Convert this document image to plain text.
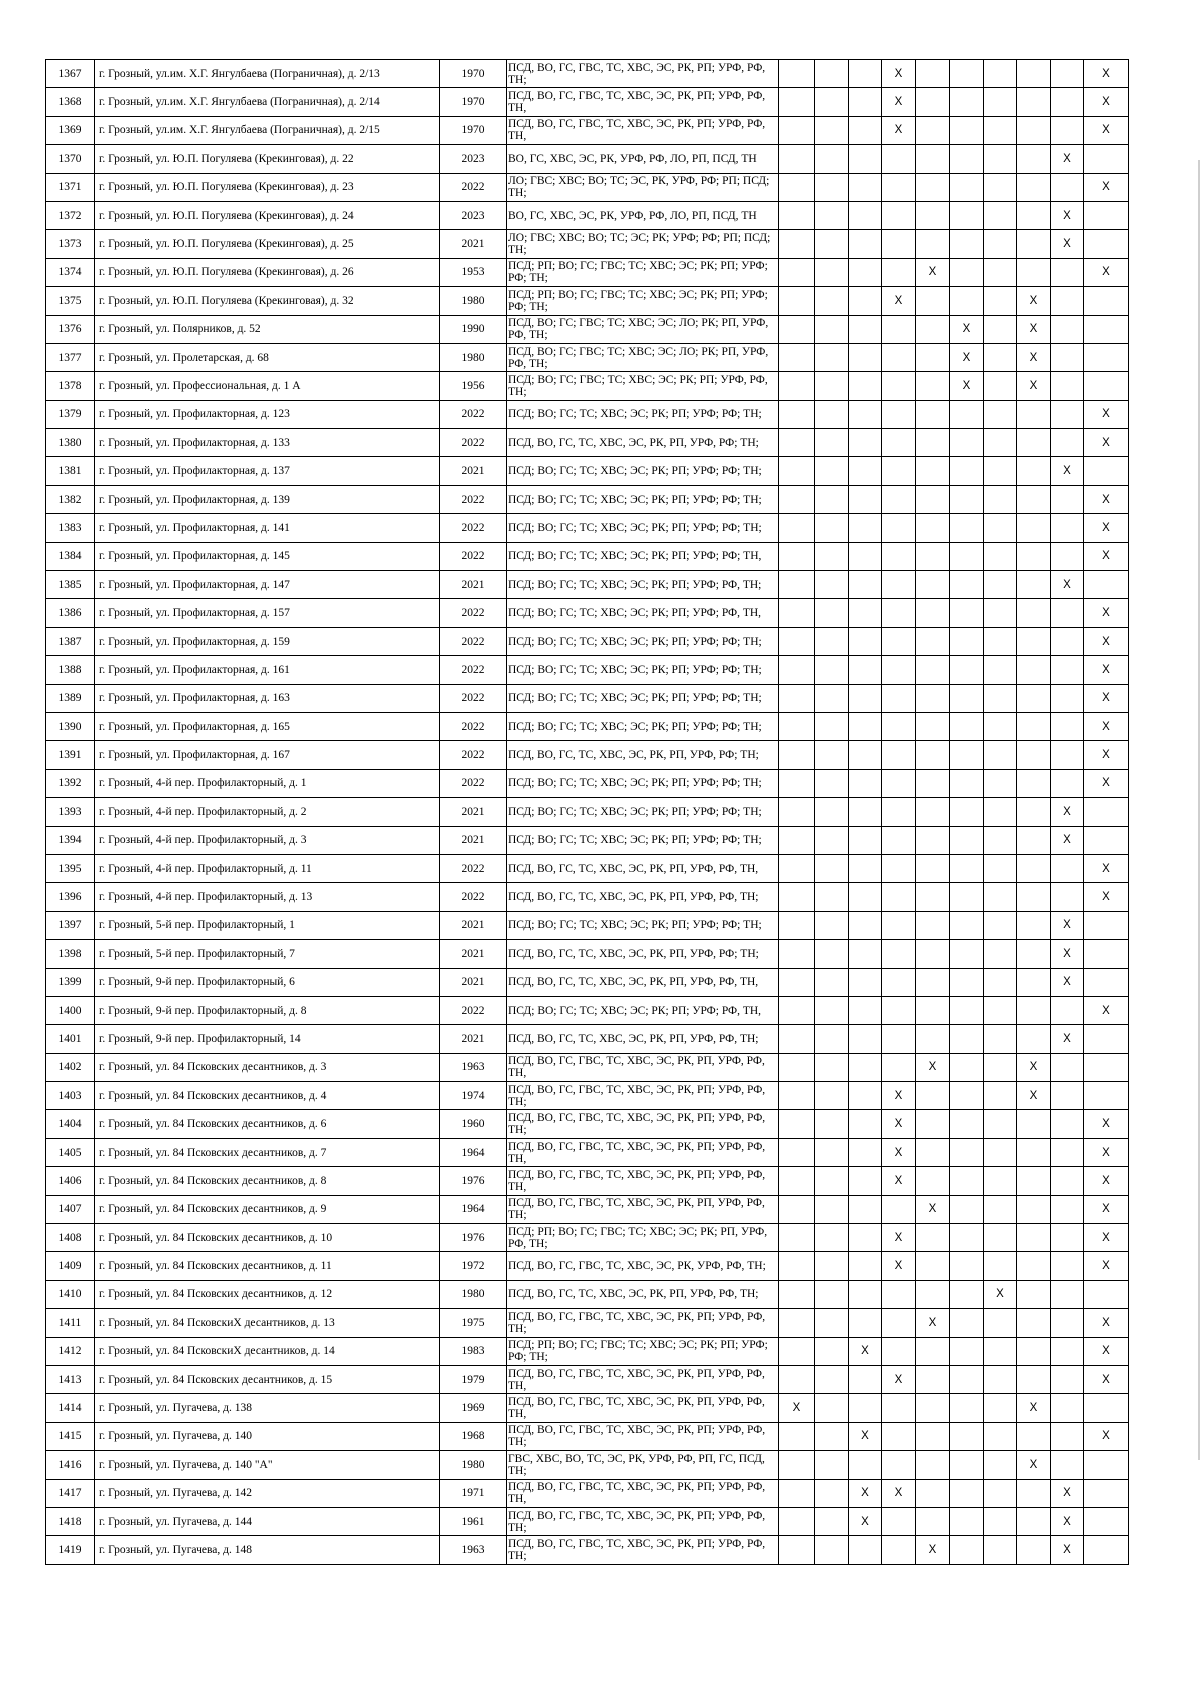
1367	г. Грозный, ул.им. Х.Г. Янгулбаева (Пограничная), д. 2/13	1970	ПСД, ВО, ГС, ГВС, ТС, ХВС, ЭС, РК, РП; УРФ, РФ, ТН;				X						X
1368	г. Грозный, ул.им. Х.Г. Янгулбаева (Пограничная), д. 2/14	1970	ПСД, ВО, ГС, ГВС, ТС, ХВС, ЭС, РК, РП; УРФ, РФ, ТН,				X						X
1369	г. Грозный, ул.им. Х.Г. Янгулбаева (Пограничная), д. 2/15	1970	ПСД, ВО, ГС, ГВС, ТС, ХВС, ЭС, РК, РП; УРФ, РФ, ТН,				X						X
1370	г. Грозный, ул. Ю.П. Погуляева (Крекинговая), д. 22	2023	ВО, ГС, ХВС, ЭС, РК, УРФ, РФ, ЛО, РП, ПСД, ТН									X	
1371	г. Грозный, ул. Ю.П. Погуляева (Крекинговая), д. 23	2022	ЛО; ГВС; ХВС; ВО; ТС; ЭС, РК, УРФ, РФ; РП; ПСД; ТН;										X
1372	г. Грозный, ул. Ю.П. Погуляева (Крекинговая), д. 24	2023	ВО, ГС, ХВС, ЭС, РК, УРФ, РФ, ЛО, РП, ПСД, ТН									X	
1373	г. Грозный, ул. Ю.П. Погуляева (Крекинговая), д. 25	2021	ЛО; ГВС; ХВС; ВО; ТС; ЭС; РК; УРФ; РФ; РП; ПСД; ТН;									X	
1374	г. Грозный, ул. Ю.П. Погуляева (Крекинговая), д. 26	1953	ПСД; РП; ВО; ГС; ГВС; ТС; ХВС; ЭС; РК; РП; УРФ; РФ; ТН;					X					X
1375	г. Грозный, ул. Ю.П. Погуляева (Крекинговая), д. 32	1980	ПСД; РП; ВО; ГС; ГВС; ТС; ХВС; ЭС; РК; РП; УРФ; РФ; ТН;				X				X		
1376	г. Грозный, ул. Полярников, д. 52	1990	ПСД, ВО; ГС; ГВС; ТС; ХВС; ЭС; ЛО; РК; РП, УРФ, РФ, ТН;						X		X		
1377	г. Грозный, ул. Пролетарская, д. 68	1980	ПСД, ВО; ГС; ГВС; ТС; ХВС; ЭС; ЛО; РК; РП, УРФ, РФ, ТН;						X		X		
1378	г. Грозный, ул. Профессиональная, д. 1 А	1956	ПСД; ВО; ГС; ГВС; ТС; ХВС; ЭС; РК; РП; УРФ, РФ, ТН;						X		X		
1379	г. Грозный, ул. Профилакторная, д. 123	2022	ПСД; ВО; ГС; ТС; ХВС; ЭС; РК; РП; УРФ; РФ; ТН;										X
1380	г. Грозный, ул. Профилакторная, д. 133	2022	ПСД, ВО, ГС, ТС, ХВС, ЭС, РК, РП, УРФ, РФ; ТН;										X
1381	г. Грозный, ул. Профилакторная, д. 137	2021	ПСД; ВО; ГС; ТС; ХВС; ЭС; РК; РП; УРФ; РФ; ТН;									X	
1382	г. Грозный, ул. Профилакторная, д. 139	2022	ПСД; ВО; ГС; ТС; ХВС; ЭС; РК; РП; УРФ; РФ; ТН;										X
1383	г. Грозный, ул. Профилакторная, д. 141	2022	ПСД; ВО; ГС; ТС; ХВС; ЭС; РК; РП; УРФ; РФ; ТН;										X
1384	г. Грозный, ул. Профилакторная, д. 145	2022	ПСД; ВО; ГС; ТС; ХВС; ЭС; РК; РП; УРФ; РФ; ТН,										X
1385	г. Грозный, ул. Профилакторная, д. 147	2021	ПСД; ВО; ГС; ТС; ХВС; ЭС; РК; РП; УРФ; РФ, ТН;									X	
1386	г. Грозный, ул. Профилакторная, д. 157	2022	ПСД; ВО; ГС; ТС; ХВС; ЭС; РК; РП; УРФ; РФ, ТН,										X
1387	г. Грозный, ул. Профилакторная, д. 159	2022	ПСД; ВО; ГС; ТС; ХВС; ЭС; РК; РП; УРФ; РФ; ТН;										X
1388	г. Грозный, ул. Профилакторная, д. 161	2022	ПСД; ВО; ГС; ТС; ХВС; ЭС; РК; РП; УРФ; РФ; ТН;										X
1389	г. Грозный, ул. Профилакторная, д. 163	2022	ПСД; ВО; ГС; ТС; ХВС; ЭС; РК; РП; УРФ; РФ; ТН;										X
1390	г. Грозный, ул. Профилакторная, д. 165	2022	ПСД; ВО; ГС; ТС; ХВС; ЭС; РК; РП; УРФ; РФ; ТН;										X
1391	г. Грозный, ул. Профилакторная, д. 167	2022	ПСД, ВО, ГС, ТС, ХВС, ЭС, РК, РП, УРФ, РФ; ТН;										X
1392	г. Грозный, 4-й пер. Профилакторный, д. 1	2022	ПСД; ВО; ГС; ТС; ХВС; ЭС; РК; РП; УРФ; РФ; ТН;										X
1393	г. Грозный, 4-й пер. Профилакторный, д. 2	2021	ПСД; ВО; ГС; ТС; ХВС; ЭС; РК; РП; УРФ; РФ; ТН;									X	
1394	г. Грозный, 4-й пер. Профилакторный, д. 3	2021	ПСД; ВО; ГС; ТС; ХВС; ЭС; РК; РП; УРФ; РФ; ТН;									X	
1395	г. Грозный, 4-й пер. Профилакторный, д. 11	2022	ПСД, ВО, ГС, ТС, ХВС, ЭС, РК, РП, УРФ, РФ, ТН,										X
1396	г. Грозный, 4-й пер. Профилакторный, д. 13	2022	ПСД, ВО, ГС, ТС, ХВС, ЭС, РК, РП, УРФ, РФ, ТН;										X
1397	г. Грозный, 5-й пер. Профилакторный, 1	2021	ПСД; ВО; ГС; ТС; ХВС; ЭС; РК; РП; УРФ; РФ; ТН;									X	
1398	г. Грозный, 5-й пер. Профилакторный, 7	2021	ПСД, ВО, ГС, ТС, ХВС, ЭС, РК, РП, УРФ, РФ; ТН;									X	
1399	г. Грозный, 9-й пер. Профилакторный, 6	2021	ПСД, ВО, ГС, ТС, ХВС, ЭС, РК, РП, УРФ, РФ, ТН,									X	
1400	г. Грозный, 9-й пер. Профилакторный, д. 8	2022	ПСД; ВО; ГС; ТС; ХВС; ЭС; РК; РП; УРФ; РФ, ТН,										X
1401	г. Грозный, 9-й пер. Профилакторный, 14	2021	ПСД, ВО, ГС, ТС, ХВС, ЭС, РК, РП, УРФ, РФ, ТН;									X	
1402	г. Грозный, ул. 84 Псковских десантников, д. 3	1963	ПСД, ВО, ГС, ГВС, ТС, ХВС, ЭС, РК, РП, УРФ, РФ, ТН,					X			X		
1403	г. Грозный, ул. 84 Псковских десантников, д. 4	1974	ПСД, ВО, ГС, ГВС, ТС, ХВС, ЭС, РК, РП; УРФ, РФ, ТН;				X				X		
1404	г. Грозный, ул. 84 Псковских десантников, д. 6	1960	ПСД, ВО, ГС, ГВС, ТС, ХВС, ЭС, РК, РП; УРФ, РФ, ТН;				X						X
1405	г. Грозный, ул. 84 Псковских десантников, д. 7	1964	ПСД, ВО, ГС, ГВС, ТС, ХВС, ЭС, РК, РП; УРФ, РФ, ТН,				X						X
1406	г. Грозный, ул. 84 Псковских десантников, д. 8	1976	ПСД, ВО, ГС, ГВС, ТС, ХВС, ЭС, РК, РП; УРФ, РФ, ТН,				X						X
1407	г. Грозный, ул. 84 Псковских десантников, д. 9	1964	ПСД, ВО, ГС, ГВС, ТС, ХВС, ЭС, РК, РП, УРФ, РФ, ТН;					X					X
1408	г. Грозный, ул. 84 Псковских десантников, д. 10	1976	ПСД; РП; ВО; ГС; ГВС; ТС; ХВС; ЭС; РК; РП, УРФ, РФ, ТН;				X						X
1409	г. Грозный, ул. 84 Псковских десантников, д. 11	1972	ПСД, ВО, ГС, ГВС, ТС, ХВС, ЭС, РК, УРФ, РФ, ТН;				X						X
1410	г. Грозный, ул. 84 Псковских десантников, д. 12	1980	ПСД, ВО, ГС, ТС, ХВС, ЭС, РК, РП, УРФ, РФ, ТН;							X			
1411	г. Грозный, ул. 84 ПсковскиХ десантников, д. 13	1975	ПСД, ВО, ГС, ГВС, ТС, ХВС, ЭС, РК, РП; УРФ, РФ, ТН;					X					X
1412	г. Грозный, ул. 84 ПсковскиХ десантников, д. 14	1983	ПСД; РП; ВО; ГС; ГВС; ТС; ХВС; ЭС; РК; РП; УРФ; РФ; ТН;			X							X
1413	г. Грозный, ул. 84 Псковских десантников, д. 15	1979	ПСД, ВО, ГС, ГВС, ТС, ХВС, ЭС, РК, РП, УРФ, РФ, ТН,				X						X
1414	г. Грозный, ул. Пугачева, д. 138	1969	ПСД, ВО, ГС, ГВС, ТС, ХВС, ЭС, РК, РП, УРФ, РФ, ТН,	X							X		
1415	г. Грозный, ул. Пугачева, д. 140	1968	ПСД, ВО, ГС, ГВС, ТС, ХВС, ЭС, РК, РП; УРФ, РФ, ТН;			X							X
1416	г. Грозный, ул. Пугачева, д. 140 "А"	1980	ГВС, ХВС, ВО, ТС, ЭС, РК, УРФ, РФ, РП, ГС, ПСД, ТН;								X		
1417	г. Грозный, ул. Пугачева, д. 142	1971	ПСД, ВО, ГС, ГВС, ТС, ХВС, ЭС, РК, РП; УРФ, РФ, ТН,			X	X					X	
1418	г. Грозный, ул. Пугачева, д. 144	1961	ПСД, ВО, ГС, ГВС, ТС, ХВС, ЭС, РК, РП; УРФ, РФ, ТН;			X						X	
1419	г. Грозный, ул. Пугачева, д. 148	1963	ПСД, ВО, ГС, ГВС, ТС, ХВС, ЭС, РК, РП; УРФ, РФ, ТН;					X				X	
